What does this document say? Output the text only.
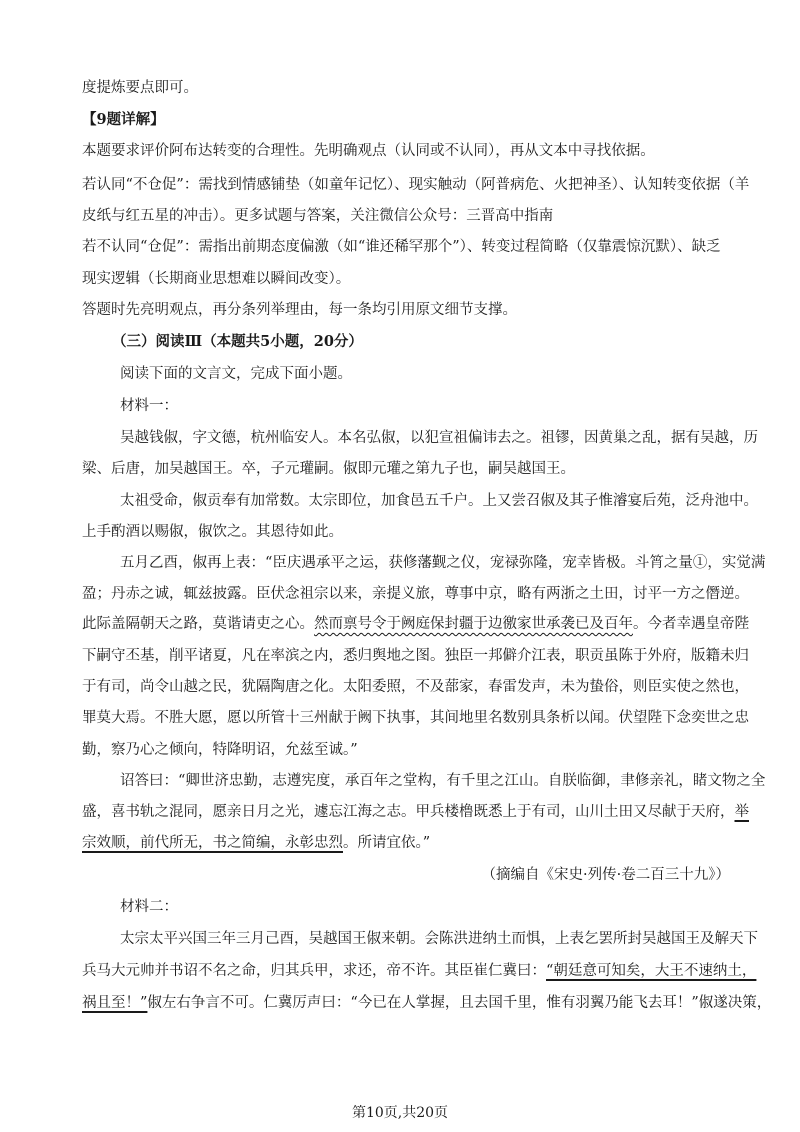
度提炼要点即可。
【9题详解】
本题要求评价阿布达转变的合理性。先明确观点（认同或不认同），再从文本中寻找依据。
若认同“不仓促”：需找到情感铺垫（如童年记忆）、现实触动（阿普病危、火把神圣）、认知转变依据（羊
皮纸与红五星的冲击）。更多试题与答案，关注微信公众号：三晋高中指南
若不认同“仓促”：需指出前期态度偏激（如“谁还稀罕那个”）、转变过程简略（仅靠震惊沉默）、缺乏
现实逻辑（长期商业思想难以瞬间改变）。
答题时先亮明观点，再分条列举理由，每一条均引用原文细节支撑。
（三）阅读Ⅲ（本题共5小题，20分）
阅读下面的文言文，完成下面小题。
材料一：
吴越钱俶，字文德，杭州临安人。本名弘俶，以犯宣祖偏讳去之。祖镠，因黄巢之乱，据有吴越，历
梁、后唐，加吴越国王。卒，子元瓘嗣。俶即元瓘之第九子也，嗣吴越国王。
太祖受命，俶贡奉有加常数。太宗即位，加食邑五千户。上又尝召俶及其子惟濬宴后苑，泛舟池中。
上手酌酒以赐俶，俶饮之。其恩待如此。
五月乙酉，俶再上表：“臣庆遇承平之运，获修藩觐之仪，宠禄弥隆，宠幸皆极。斗筲之量①，实觉满
盈；丹赤之诚，辄兹披露。臣伏念祖宗以来，亲提义旅，尊事中京，略有两浙之土田，讨平一方之僭逆。
此际盖隔朝天之路，莫谐请吏之心。然而禀号令于阙庭保封疆于边徼家世承袭已及百年。今者幸遇皇帝陛
下嗣守丕基，削平诸夏，凡在率滨之内，悉归舆地之图。独臣一邦僻介江表，职贡虽陈于外府，版籍未归
于有司，尚令山越之民，犹隔陶唐之化。太阳委照，不及蔀家，春雷发声，未为蛰俗，则臣实使之然也，
罪莫大焉。不胜大愿，愿以所管十三州献于阙下执事，其间地里名数别具条析以闻。伏望陛下念奕世之忠
勤，察乃心之倾向，特降明诏，允兹至诚。”
诏答曰：“卿世济忠勤，志遵宪度，承百年之堂构，有千里之江山。自朕临御，聿修亲礼，睹文物之全
盛，喜书轨之混同，愿亲日月之光，遽忘江海之志。甲兵楼橹既悉上于有司，山川土田又尽献于天府，举
宗效顺，前代所无，书之简编，永彰忠烈。所请宜依。”
（摘编自《宋史·列传·卷二百三十九》）
材料二：
太宗太平兴国三年三月己酉，吴越国王俶来朝。会陈洪进纳土而惧，上表乞罢所封吴越国王及解天下
兵马大元帅并书诏不名之命，归其兵甲，求还，帝不许。其臣崔仁冀曰：“朝廷意可知矣，大王不速纳土，
祸且至！”俶左右争言不可。仁冀厉声曰：“今已在人掌握，且去国千里，惟有羽翼乃能飞去耳！”俶遂决策，
第10页,共20页
